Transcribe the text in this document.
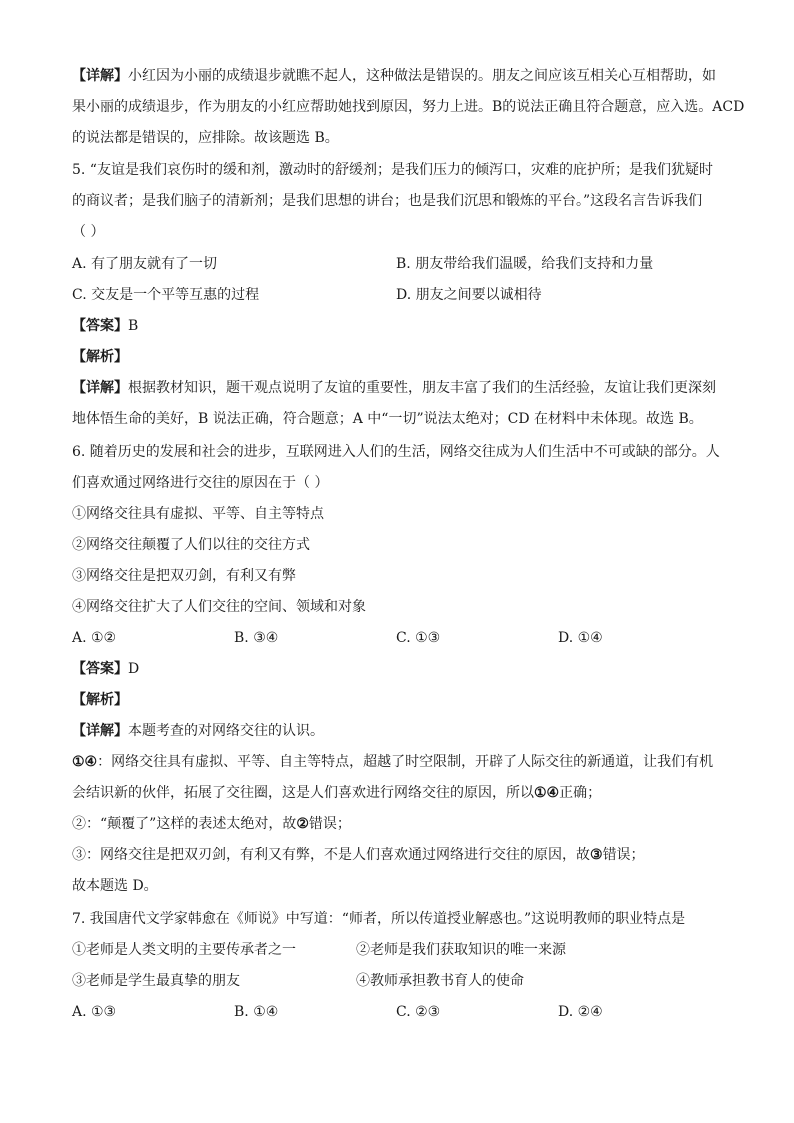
【详解】小红因为小丽的成绩退步就瞧不起人，这种做法是错误的。朋友之间应该互相关心互相帮助，如
果小丽的成绩退步，作为朋友的小红应帮助她找到原因，努力上进。B的说法正确且符合题意，应入选。ACD
的说法都是错误的，应排除。故该题选 B。
5. “友谊是我们哀伤时的缓和剂，激动时的舒缓剂；是我们压力的倾泻口，灾难的庇护所；是我们犹疑时
的商议者；是我们脑子的清新剂；是我们思想的讲台；也是我们沉思和锻炼的平台。”这段名言告诉我们
（ ）
A. 有了朋友就有了一切	B. 朋友带给我们温暖，给我们支持和力量
C. 交友是一个平等互惠的过程	D. 朋友之间要以诚相待
【答案】B
【解析】
【详解】根据教材知识，题干观点说明了友谊的重要性，朋友丰富了我们的生活经验，友谊让我们更深刻
地体悟生命的美好，B 说法正确，符合题意；A 中“一切”说法太绝对；CD 在材料中未体现。故选 B。
6. 随着历史的发展和社会的进步，互联网进入人们的生活，网络交往成为人们生活中不可或缺的部分。人
们喜欢通过网络进行交往的原因在于（ ）
①网络交往具有虚拟、平等、自主等特点
②网络交往颠覆了人们以往的交往方式
③网络交往是把双刃剑，有利又有弊
④网络交往扩大了人们交往的空间、领域和对象
A. ①②	B. ③④	C. ①③	D. ①④
【答案】D
【解析】
【详解】本题考查的对网络交往的认识。
①④：网络交往具有虚拟、平等、自主等特点，超越了时空限制，开辟了人际交往的新通道，让我们有机
会结识新的伙伴，拓展了交往圈，这是人们喜欢进行网络交往的原因，所以①④正确；
②：“颠覆了”这样的表述太绝对，故②错误；
③：网络交往是把双刃剑，有利又有弊，不是人们喜欢通过网络进行交往的原因，故③错误；
故本题选 D。
7. 我国唐代文学家韩愈在《师说》中写道：“师者，所以传道授业解惑也。”这说明教师的职业特点是
①老师是人类文明的主要传承者之一	②老师是我们获取知识的唯一来源
③老师是学生最真挚的朋友	④教师承担教书育人的使命
A. ①③	B. ①④	C. ②③	D. ②④
